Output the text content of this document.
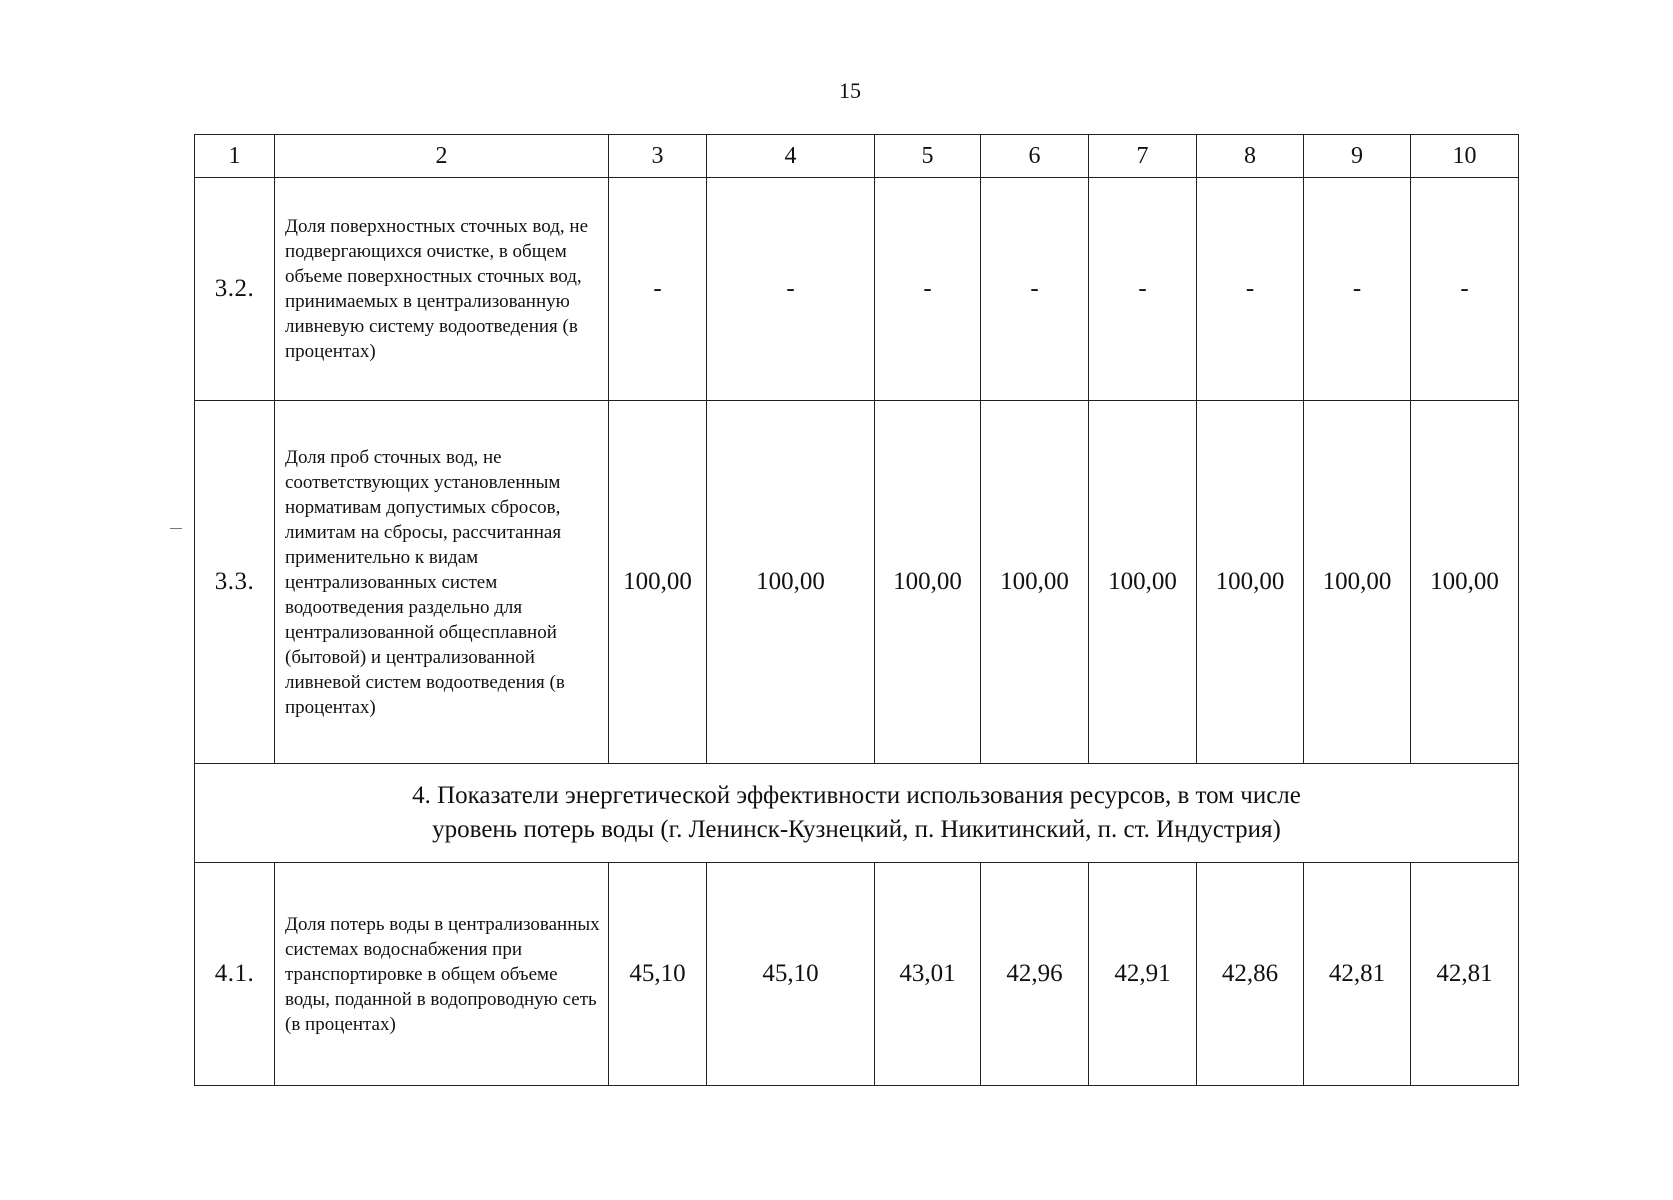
15
1	2	3	4	5	6	7	8	9	10
3.2.	Доля поверхностных сточных вод, не подвергающихся очистке, в общем объеме поверхностных сточных вод, принимаемых в централизованную ливневую систему водоотведения (в процентах)	-	-	-	-	-	-	-	-
3.3.	Доля проб сточных вод, не соответствующих установленным нормативам допустимых сбросов, лимитам на сбросы, рассчитанная применительно к видам централизованных систем водоотведения раздельно для централизованной общесплавной (бытовой) и централизованной ливневой систем водоотведения (в процентах)	100,00	100,00	100,00	100,00	100,00	100,00	100,00	100,00

4. Показатели энергетической эффективности использования ресурсов, в том числе
уровень потерь воды (г. Ленинск-Кузнецкий, п. Никитинский, п. ст. Индустрия)									

4.1.	Доля потерь воды в централизованных системах водоснабжения при транспортировке в общем объеме воды, поданной в водопроводную сеть (в процентах)	45,10	45,10	43,01	42,96	42,91	42,86	42,81	42,81
